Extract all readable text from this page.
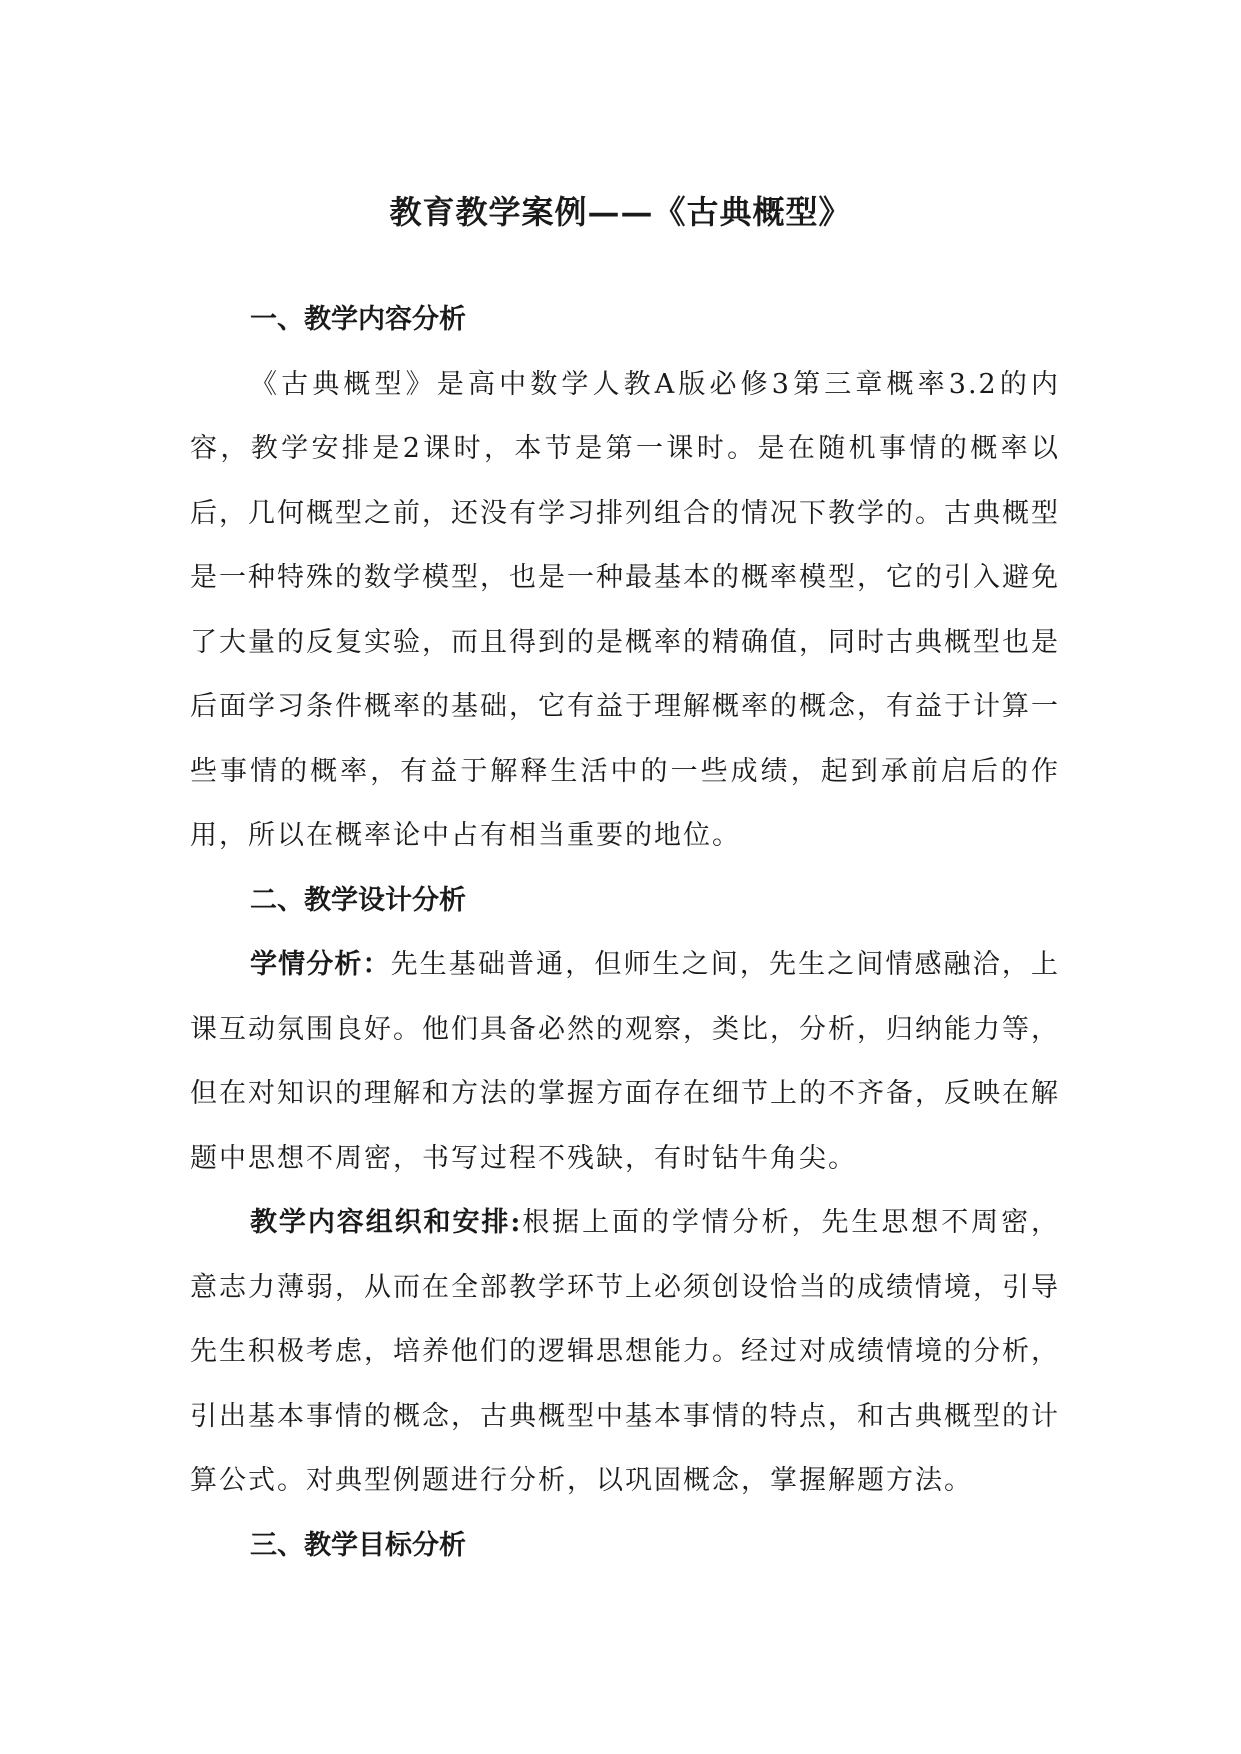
教育教学案例——《古典概型》

一、教学内容分析

《古典概型》是高中数学人教A版必修3第三章概率3.2的内容，教学安排是2课时，本节是第一课时。是在随机事情的概率以后，几何概型之前，还没有学习排列组合的情况下教学的。古典概型是一种特殊的数学模型，也是一种最基本的概率模型，它的引入避免了大量的反复实验，而且得到的是概率的精确值，同时古典概型也是后面学习条件概率的基础，它有益于理解概率的概念，有益于计算一些事情的概率，有益于解释生活中的一些成绩，起到承前启后的作用，所以在概率论中占有相当重要的地位。

二、教学设计分析

学情分析：先生基础普通，但师生之间，先生之间情感融洽，上课互动氛围良好。他们具备必然的观察，类比，分析，归纳能力等，但在对知识的理解和方法的掌握方面存在细节上的不齐备，反映在解题中思想不周密，书写过程不残缺，有时钻牛角尖。

教学内容组织和安排:根据上面的学情分析，先生思想不周密，意志力薄弱，从而在全部教学环节上必须创设恰当的成绩情境，引导先生积极考虑，培养他们的逻辑思想能力。经过对成绩情境的分析，引出基本事情的概念，古典概型中基本事情的特点，和古典概型的计算公式。对典型例题进行分析，以巩固概念，掌握解题方法。

三、教学目标分析
